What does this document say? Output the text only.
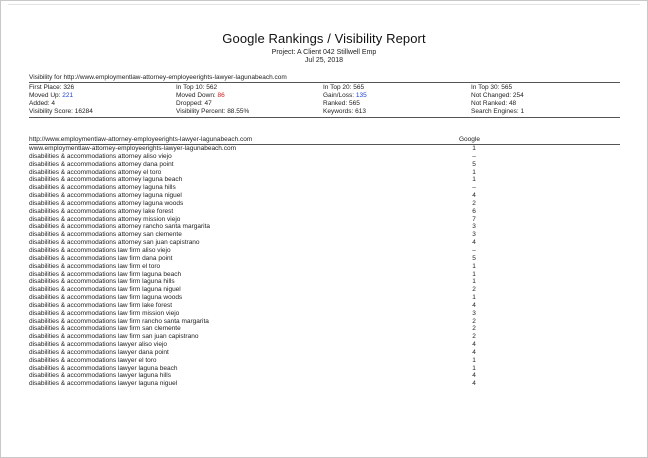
Google Rankings / Visibility Report
Project: A Client 042 Stillwell Emp
Jul 25, 2018
Visibility for http://www.employmentlaw-attorney-employeerights-lawyer-lagunabeach.com
First Place: 326	In Top 10: 562	In Top 20: 565	In Top 30: 565
Moved Up: 221	Moved Down: 86	Gain/Loss: 135	Not Changed: 254
Added: 4	Dropped: 47	Ranked: 565	Not Ranked: 48
Visibility Score: 16284	Visibility Percent: 88.55%	Keywords: 613	Search Engines: 1
http://www.employmentlaw-attorney-employeerights-lawyer-lagunabeach.com	Google
www.employmentlaw-attorney-employeerights-lawyer-lagunabeach.com	1
disabilities & accommodations attorney aliso viejo	–
disabilities & accommodations attorney dana point	5
disabilities & accommodations attorney el toro	1
disabilities & accommodations attorney laguna beach	1
disabilities & accommodations attorney laguna hills	–
disabilities & accommodations attorney laguna niguel	4
disabilities & accommodations attorney laguna woods	2
disabilities & accommodations attorney lake forest	6
disabilities & accommodations attorney mission viejo	7
disabilities & accommodations attorney rancho santa margarita	3
disabilities & accommodations attorney san clemente	3
disabilities & accommodations attorney san juan capistrano	4
disabilities & accommodations law firm aliso viejo	–
disabilities & accommodations law firm dana point	5
disabilities & accommodations law firm el toro	1
disabilities & accommodations law firm laguna beach	1
disabilities & accommodations law firm laguna hills	1
disabilities & accommodations law firm laguna niguel	2
disabilities & accommodations law firm laguna woods	1
disabilities & accommodations law firm lake forest	4
disabilities & accommodations law firm mission viejo	3
disabilities & accommodations law firm rancho santa margarita	2
disabilities & accommodations law firm san clemente	2
disabilities & accommodations law firm san juan capistrano	2
disabilities & accommodations lawyer aliso viejo	4
disabilities & accommodations lawyer dana point	4
disabilities & accommodations lawyer el toro	1
disabilities & accommodations lawyer laguna beach	1
disabilities & accommodations lawyer laguna hills	4
disabilities & accommodations lawyer laguna niguel	4
